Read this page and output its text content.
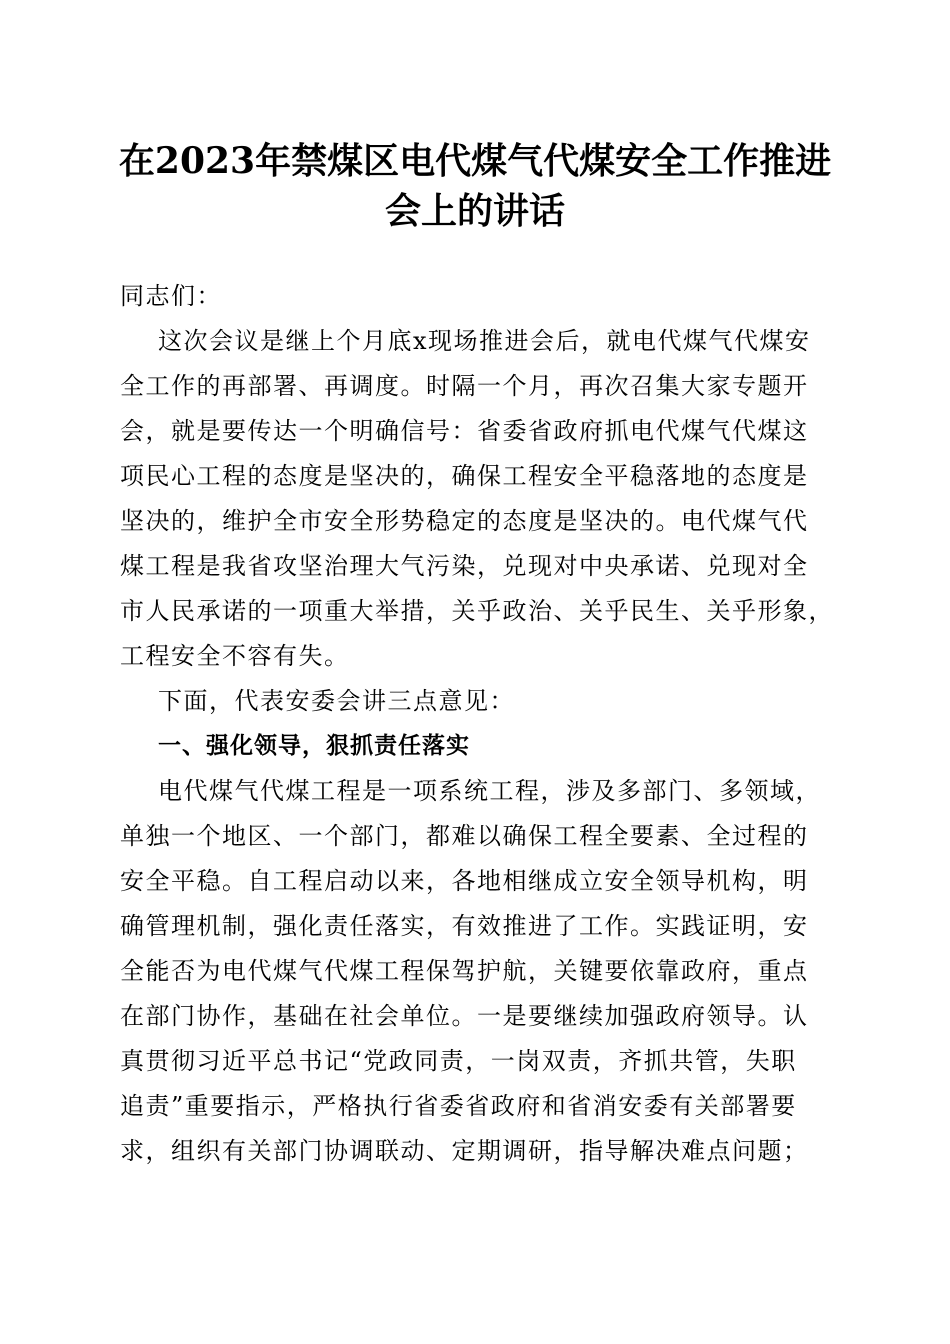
在2023年禁煤区电代煤气代煤安全工作推进
会上的讲话
同志们：
这次会议是继上个月底x现场推进会后，就电代煤气代煤安
全工作的再部署、再调度。时隔一个月，再次召集大家专题开
会，就是要传达一个明确信号：省委省政府抓电代煤气代煤这
项民心工程的态度是坚决的，确保工程安全平稳落地的态度是
坚决的，维护全市安全形势稳定的态度是坚决的。电代煤气代
煤工程是我省攻坚治理大气污染，兑现对中央承诺、兑现对全
市人民承诺的一项重大举措，关乎政治、关乎民生、关乎形象，
工程安全不容有失。
下面，代表安委会讲三点意见：
一、强化领导，狠抓责任落实
电代煤气代煤工程是一项系统工程，涉及多部门、多领域，
单独一个地区、一个部门，都难以确保工程全要素、全过程的
安全平稳。自工程启动以来，各地相继成立安全领导机构，明
确管理机制，强化责任落实，有效推进了工作。实践证明，安
全能否为电代煤气代煤工程保驾护航，关键要依靠政府，重点
在部门协作，基础在社会单位。一是要继续加强政府领导。认
真贯彻习近平总书记“党政同责，一岗双责，齐抓共管，失职
追责”重要指示，严格执行省委省政府和省消安委有关部署要
求，组织有关部门协调联动、定期调研，指导解决难点问题；
